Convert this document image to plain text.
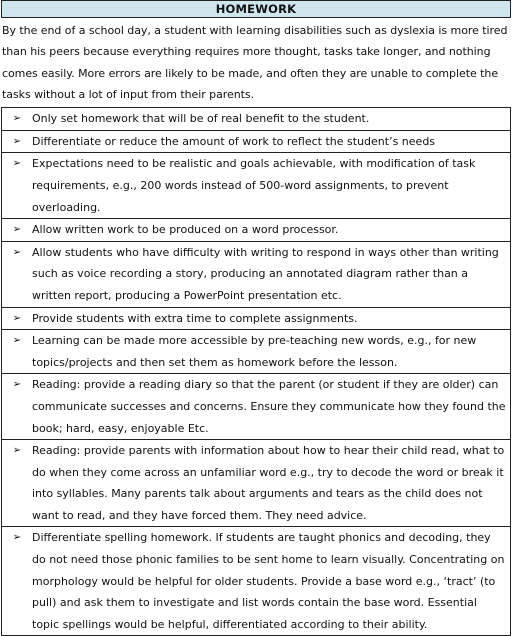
HOMEWORK
By the end of a school day, a student with learning disabilities such as dyslexia is more tired than his peers because everything requires more thought, tasks take longer, and nothing comes easily. More errors are likely to be made, and often they are unable to complete the tasks without a lot of input from their parents.
➢ Only set homework that will be of real benefit to the student.
➢ Differentiate or reduce the amount of work to reflect the student’s needs
➢ Expectations need to be realistic and goals achievable, with modification of task requirements, e.g., 200 words instead of 500-word assignments, to prevent overloading.
➢ Allow written work to be produced on a word processor.
➢ Allow students who have difficulty with writing to respond in ways other than writing such as voice recording a story, producing an annotated diagram rather than a written report, producing a PowerPoint presentation etc.
➢ Provide students with extra time to complete assignments.
➢ Learning can be made more accessible by pre-teaching new words, e.g., for new topics/projects and then set them as homework before the lesson.
➢ Reading: provide a reading diary so that the parent (or student if they are older) can communicate successes and concerns. Ensure they communicate how they found the book; hard, easy, enjoyable Etc.
➢ Reading: provide parents with information about how to hear their child read, what to do when they come across an unfamiliar word e.g., try to decode the word or break it into syllables. Many parents talk about arguments and tears as the child does not want to read, and they have forced them. They need advice.
➢ Differentiate spelling homework. If students are taught phonics and decoding, they do not need those phonic families to be sent home to learn visually. Concentrating on morphology would be helpful for older students. Provide a base word e.g., ‘tract’ (to pull) and ask them to investigate and list words contain the base word. Essential topic spellings would be helpful, differentiated according to their ability.
